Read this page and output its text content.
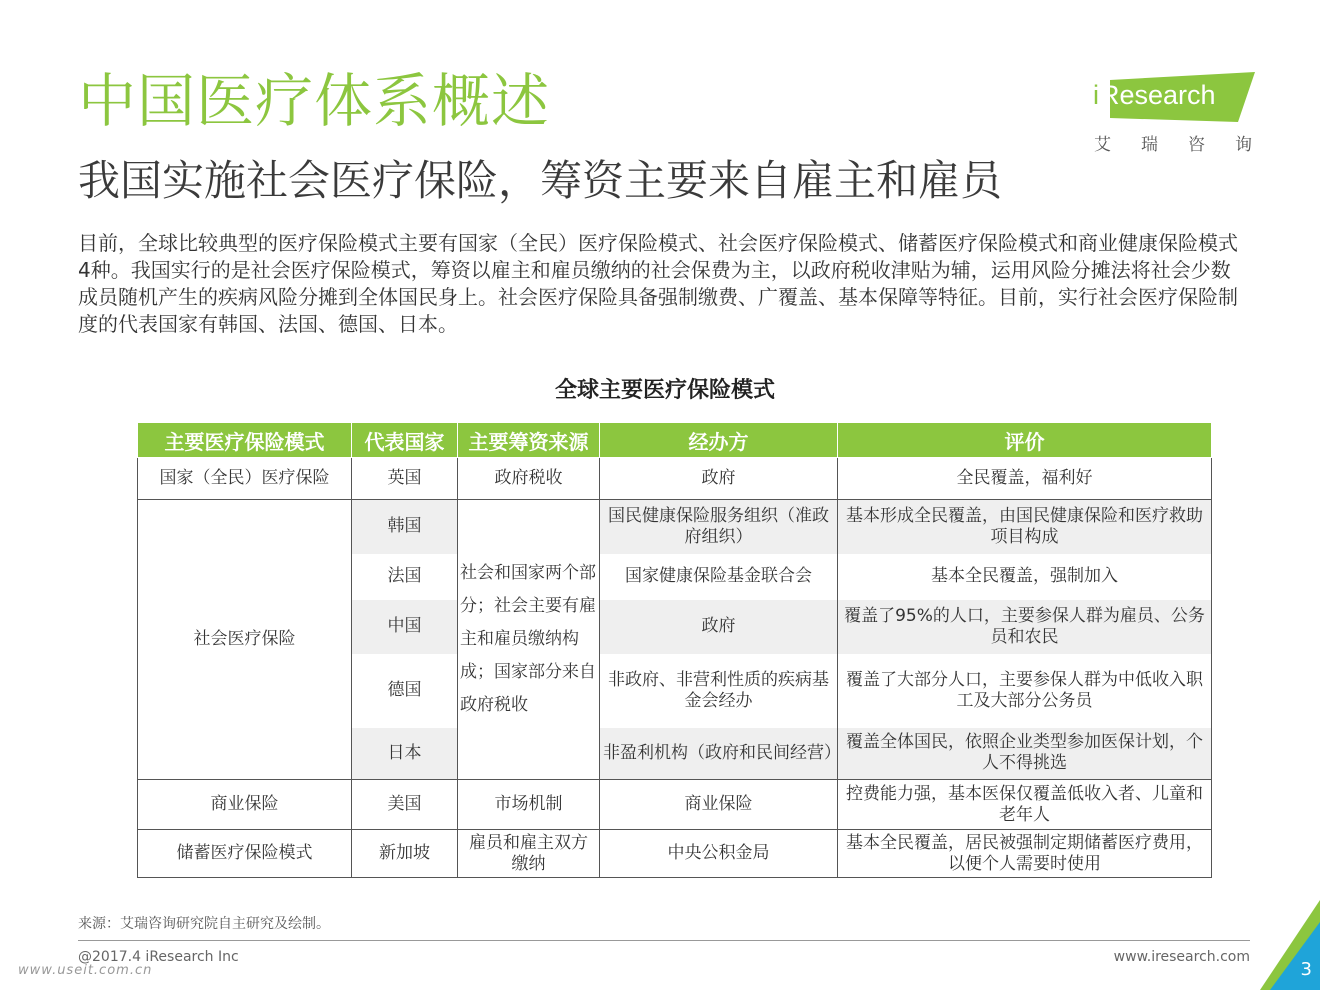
中国医疗体系概述
我国实施社会医疗保险，筹资主要来自雇主和雇员
iResearch
艾瑞咨询
目前，全球比较典型的医疗保险模式主要有国家（全民）医疗保险模式、社会医疗保险模式、储蓄医疗保险模式和商业健康保险模式4种。我国实行的是社会医疗保险模式，筹资以雇主和雇员缴纳的社会保费为主，以政府税收津贴为辅，运用风险分摊法将社会少数成员随机产生的疾病风险分摊到全体国民身上。社会医疗保险具备强制缴费、广覆盖、基本保障等特征。目前，实行社会医疗保险制度的代表国家有韩国、法国、德国、日本。
全球主要医疗保险模式
主要医疗保险模式	代表国家	主要筹资来源	经办方	评价
国家（全民）医疗保险	英国	政府税收	政府	全民覆盖，福利好
社会医疗保险	韩国	社会和国家两个部分；社会主要有雇主和雇员缴纳构成；国家部分来自政府税收	国民健康保险服务组织（准政府组织）	基本形成全民覆盖，由国民健康保险和医疗救助项目构成
	法国		国家健康保险基金联合会	基本全民覆盖，强制加入
	中国		政府	覆盖了95%的人口，主要参保人群为雇员、公务员和农民
	德国		非政府、非营利性质的疾病基金会经办	覆盖了大部分人口，主要参保人群为中低收入职工及大部分公务员
	日本		非盈利机构（政府和民间经营）	覆盖全体国民，依照企业类型参加医保计划，个人不得挑选
商业保险	美国	市场机制	商业保险	控费能力强，基本医保仅覆盖低收入者、儿童和老年人
储蓄医疗保险模式	新加坡	雇员和雇主双方缴纳	中央公积金局	基本全民覆盖，居民被强制定期储蓄医疗费用，以便个人需要时使用
来源：艾瑞咨询研究院自主研究及绘制。
@2017.4 iResearch Inc	www.iresearch.com
www.useit.com.cn	3
